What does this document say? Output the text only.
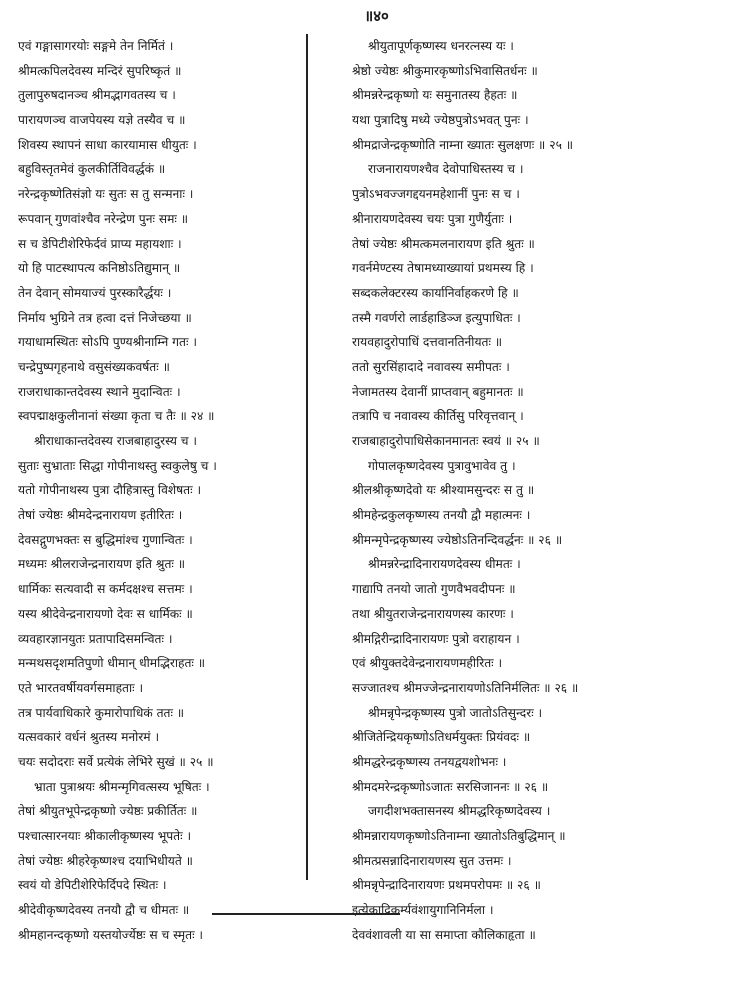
॥४०
एवं गङ्गासागरयोः सङ्गमे तेन निर्मितं ।
श्रीमत्कपिलदेवस्य मन्दिरं सुपरिष्कृतं ॥
तुलापुरुषदानञ्च श्रीमद्भागवतस्य च ।
पारायणञ्च वाजपेयस्य यज्ञे तस्यैव च ॥
शिवस्य स्थापनं साधा कारयामास धीयुतः ।
बहुविस्तृतमेवं कुलकीर्तिविवर्द्धकं ॥
नरेन्द्रकृष्णेतिसंज्ञो यः सुतः स तु सन्मनाः ।
रूपवान् गुणवांश्चैव नरेन्द्रेण पुनः समः ॥
स च डेपिटीशेरिफेर्दवं प्राप्य महायशाः ।
यो हि पाटस्थापत्य कनिष्ठोऽतिद्युमान् ॥
तेन देवान् सोमयाज्यं पुरस्कारैर्द्धयः ।
निर्माय भुग्रिने तत्र हत्वा दत्तं निजेच्छया ॥
गयाधामस्थितः सोऽपि पुण्यश्रीनाम्नि गतः ।
चन्द्रेपुष्पगृहनाथे वसुसंख्यकवर्षतः ॥
राजराधाकान्तदेवस्य स्थाने मुदान्वितः ।
स्वपद्माक्षकुलीनानां संख्या कृता च तैः ॥ २४ ॥
श्रीराधाकान्तदेवस्य राजबाहादुरस्य च ।
सुताः सुभ्राताः सिद्धा गोपीनाथस्तु स्वकुलेषु च ।
यतो गोपीनाथस्य पुत्रा दौहित्रास्तु विशेषतः ।
तेषां ज्येष्ठः श्रीमदेन्द्रनारायण इतीरितः ।
देवसद्गुणभक्तः स बुद्धिमांश्च गुणान्वितः ।
मध्यमः श्रीलराजेन्द्रनारायण इति श्रुतः ॥
धार्मिकः सत्यवादी स कर्मदक्षश्च सत्तमः ।
यस्य श्रीदेवेन्द्रनारायणो देवः स धार्मिकः ॥
व्यवहारज्ञानयुतः प्रतापादिसमन्वितः ।
मन्मथसदृशमतिपुणो धीमान् धीमद्भिराहतः ॥
एते भारतवर्षीयवर्गसमाहताः ।
तत्र पार्यवाधिकारे कुमारोपाधिकं ततः ॥
यत्सवकारं वर्धनं श्रुतस्य मनोरमं ।
चयः सदोदराः सर्वे प्रत्येकं लेभिरे सुखं ॥ २५ ॥
भ्राता पुत्राश्रयः श्रीमन्मृगिवत्सस्य भूषितः ।
तेषां श्रीयुतभूपेन्द्रकृष्णो ज्येष्ठः प्रकीर्तितः ॥
पश्चात्सारनयाः श्रीकालीकृष्णस्य भूपतेः ।
तेषां ज्येष्ठः श्रीहरेकृष्णश्च दयाभिधीयते ॥
स्वयं यो डेपिटीशेरिफेर्दिपदे स्थितः ।
श्रीदेवीकृष्णदेवस्य तनयौ द्वौ च धीमतः ॥
श्रीमहानन्दकृष्णो यस्तयोर्ज्येष्ठः स च स्मृतः ।
श्रीयुतापूर्णकृष्णस्य धनरत्नस्य यः ।
श्रेष्ठो ज्येष्ठः श्रीकुमारकृष्णोऽभिवासितर्धनः ॥
श्रीमन्नरेन्द्रकृष्णो यः समुनातस्य हैहतः ॥
यथा पुत्रादिषु मध्ये ज्येष्ठपुत्रोऽभवत् पुनः ।
श्रीमद्राजेन्द्रकृष्णोति नाम्ना ख्यातः सुलक्षणः ॥ २५ ॥
राजनारायणश्चैव देवोपाधिस्तस्य च ।
पुत्रोऽभवज्जगद्दयनमहेशानीं पुनः स च ।
श्रीनारायणदेवस्य चयः पुत्रा गुणैर्युताः ।
तेषां ज्येष्ठः श्रीमत्कमलनारायण इति श्रुतः ॥
गवर्नमेण्टस्य तेषामध्याख्यायां प्रथमस्य हि ।
सब्दकलेक्टरस्य कार्यानिर्वाहकरणे हि ॥
तस्मै गवर्णरो लार्डहाडिञ्ज इत्युपाधितः ।
रायवहादुरोपाधिं दत्तवानतिनीयतः ॥
ततो सुरसिंहादादे नवावस्य समीपतः ।
नेजामतस्य देवानीं प्राप्तवान् बहुमानतः ॥
तत्रापि च नवावस्य कीर्तिसु परिवृत्तवान् ।
राजबाहादुरोपाधिसेकानमानतः स्वयं ॥ २५ ॥
गोपालकृष्णदेवस्य पुत्रावुभावेव तु ।
श्रीलश्रीकृष्णदेवो यः श्रीश्यामसुन्दरः स तु ॥
श्रीमहेन्द्रकुलकृष्णस्य तनयौ द्वौ महात्मनः ।
श्रीमन्मृपेन्द्रकृष्णस्य ज्येष्ठोऽतिनन्दिवर्द्धनः ॥ २६ ॥
श्रीमन्नरेन्द्रादिनारायणदेवस्य धीमतः ।
गाद्यापि तनयो जातो गुणवैभवदीपनः ॥
तथा श्रीयुतराजेन्द्रनारायणस्य कारणः ।
श्रीमद्गिरीन्द्रादिनारायणः पुत्रो वराहायन ।
एवं श्रीयुक्तदेवेन्द्रनारायणमहीरितः ।
सज्जातश्च श्रीमज्जेन्द्रनारायणोऽतिनिर्मलितः ॥ २६ ॥
श्रीमन्नृपेन्द्रकृष्णस्य पुत्रो जातोऽतिसुन्दरः ।
श्रीजितेन्द्रियकृष्णोऽतिधर्मयुक्तः प्रियंवदः ॥
श्रीमद्धरेन्द्रकृष्णस्य तनयद्वयशोभनः ।
श्रीमदमरेन्द्रकृष्णोऽजातः सरसिजाननः ॥ २६ ॥
जगदीशभक्तासनस्य श्रीमद्धरिकृष्णदेवस्य ।
श्रीमन्नारायणकृष्णोऽतिनाम्ना ख्यातोऽतिबुद्धिमान् ॥
श्रीमत्प्रसन्नादिनारायणस्य सुत उत्तमः ।
श्रीमन्नृपेन्द्रादिनारायणः प्रथमपरोपमः ॥ २६ ॥
इत्येकादिकर्म्यवंशायुगानिनिर्मला ।
देववंशावली या सा समाप्ता कौलिकाहृता ॥
